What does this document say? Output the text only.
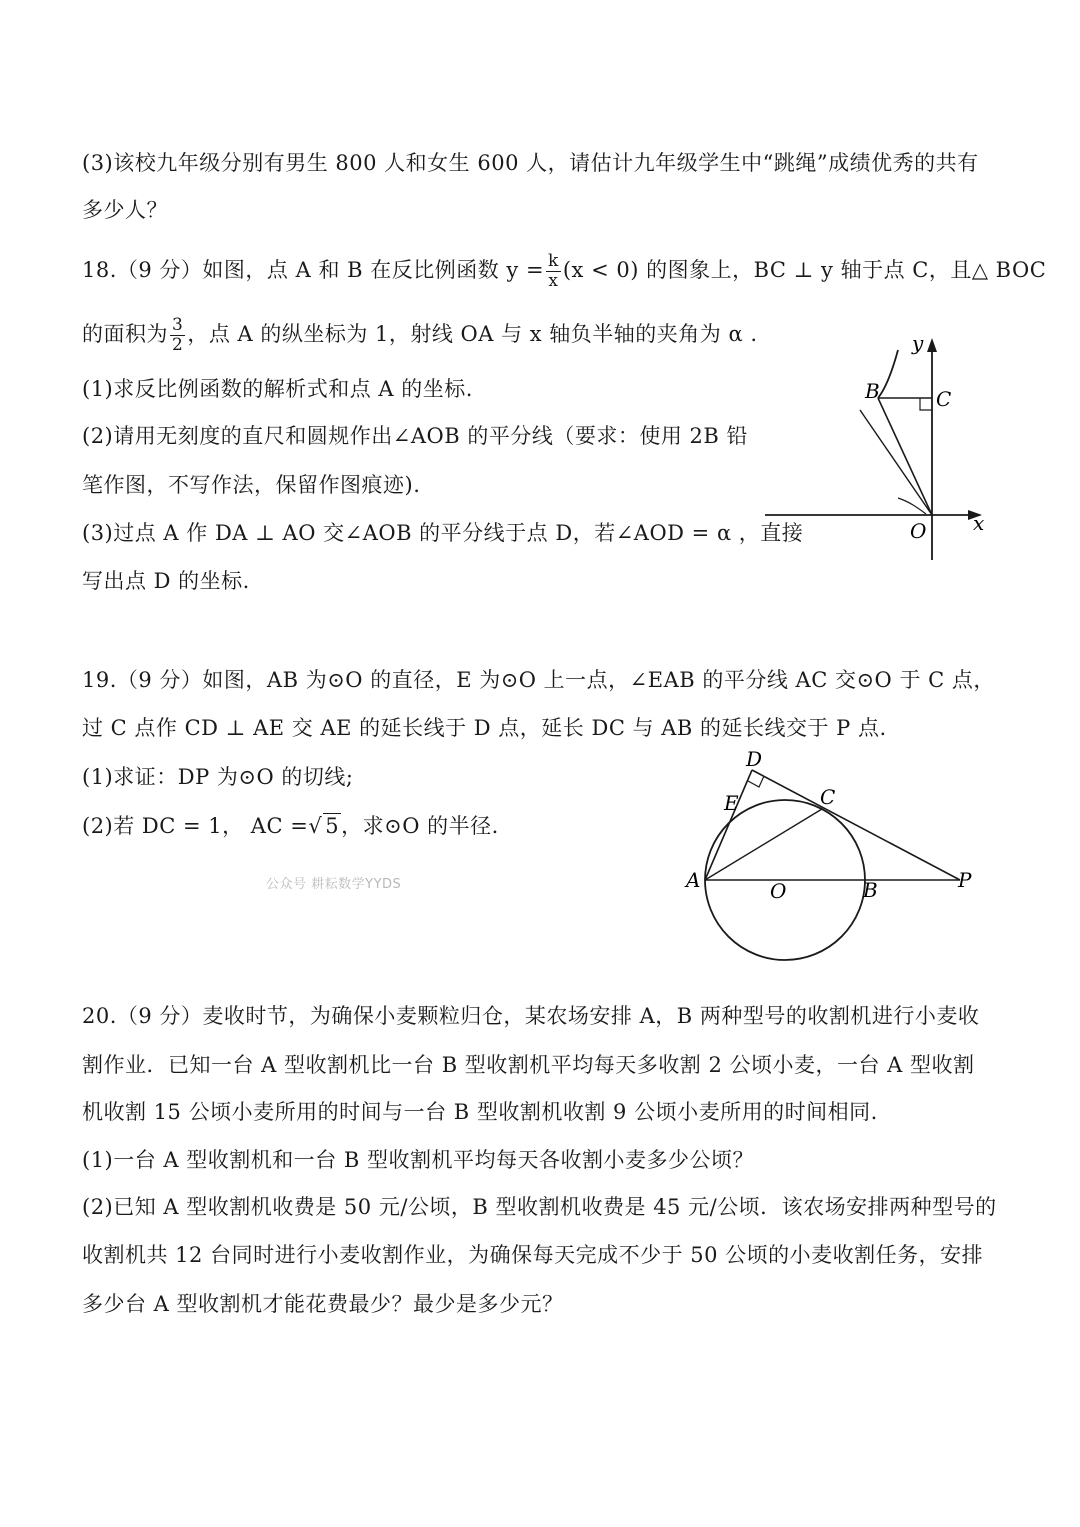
(3)该校九年级分别有男生 800 人和女生 600 人，请估计九年级学生中“跳绳”成绩优秀的共有
多少人？
18.（9 分）如图，点 A 和 B 在反比例函数 $y = \frac{k}{x} (x < 0)$ 的图象上，BC ⊥ y 轴于点 C，且△ BOC
的面积为 $\frac{3}{2}$ ，点 A 的纵坐标为 1，射线 OA 与 x 轴负半轴的夹角为 α .
(1)求反比例函数的解析式和点 A 的坐标.
(2)请用无刻度的直尺和圆规作出∠AOB 的平分线（要求：使用 2B 铅
笔作图，不写作法，保留作图痕迹).
(3)过点 A 作 DA ⊥ AO 交∠AOB 的平分线于点 D，若∠AOD = α ，直接
写出点 D 的坐标.
y
B	C
O x
19.（9 分）如图，AB 为⊙O 的直径，E 为⊙O 上一点，∠EAB 的平分线 AC 交⊙O 于 C 点，
过 C 点作 CD ⊥ AE 交 AE 的延长线于 D 点，延长 DC 与 AB 的延长线交于 P 点.
(1)求证：DP 为⊙O 的切线;
(2)若 DC = 1， AC =√ 5，求⊙O 的半径.
公众号 耕耘数学YYDS
D
E	C
A	O	B	P
20.（9 分）麦收时节，为确保小麦颗粒归仓，某农场安排 A，B 两种型号的收割机进行小麦收
割作业．已知一台 A 型收割机比一台 B 型收割机平均每天多收割 2 公顷小麦，一台 A 型收割
机收割 15 公顷小麦所用的时间与一台 B 型收割机收割 9 公顷小麦所用的时间相同.
(1)一台 A 型收割机和一台 B 型收割机平均每天各收割小麦多少公顷？
(2)已知 A 型收割机收费是 50 元/公顷，B 型收割机收费是 45 元/公顷．该农场安排两种型号的
收割机共 12 台同时进行小麦收割作业，为确保每天完成不少于 50 公顷的小麦收割任务，安排
多少台 A 型收割机才能花费最少？最少是多少元？
